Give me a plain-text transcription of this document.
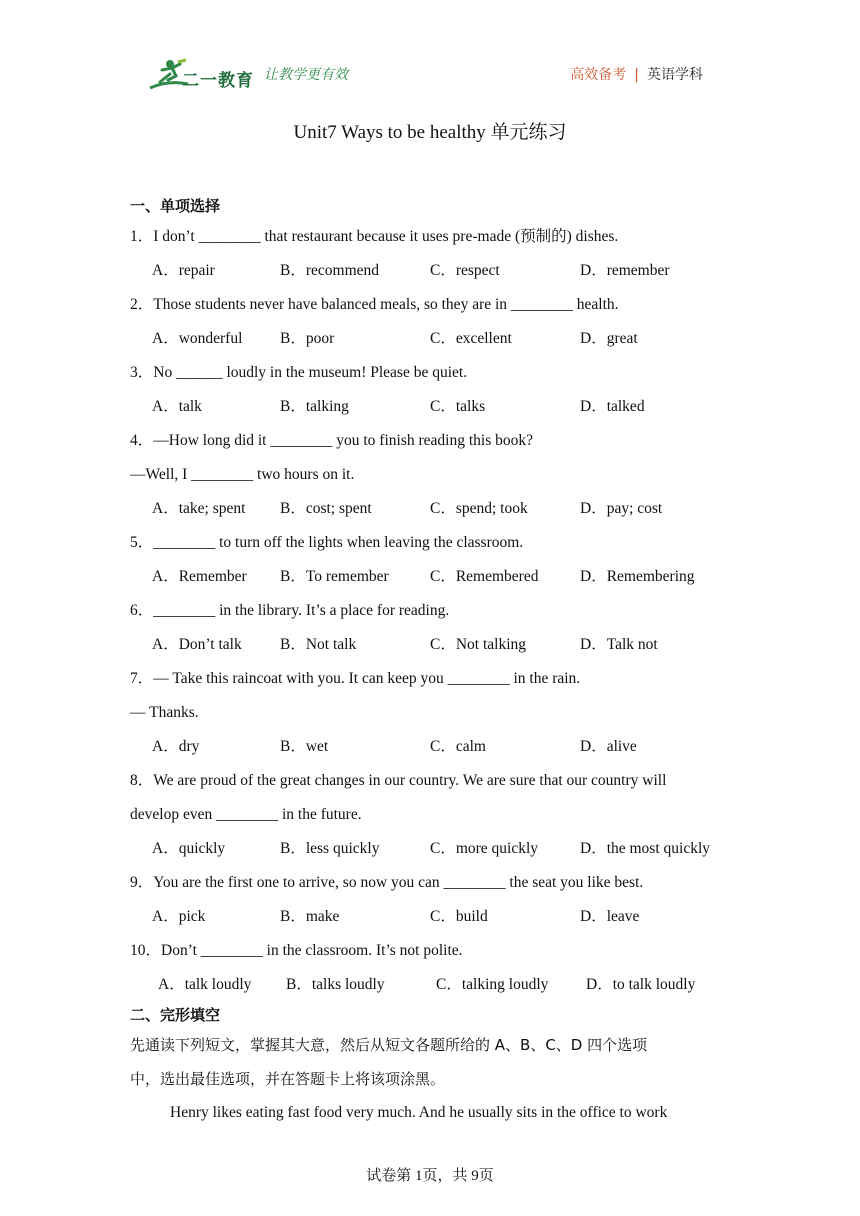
二一教育 让教学更有效	高效备考 | 英语学科
Unit7 Ways to be healthy 单元练习
一、单项选择
1．I don’t ________ that restaurant because it uses pre-made (预制的) dishes.
A．repair	B．recommend	C．respect	D．remember
2．Those students never have balanced meals, so they are in ________ health.
A．wonderful B．poor	C．excellent	D．great
3．No ______ loudly in the museum! Please be quiet.
A．talk	B．talking	C．talks	D．talked
4．—How long did it ________ you to finish reading this book?
—Well, I ________ two hours on it.
A．take; spent B．cost; spent	C．spend; took	D．pay; cost
5．________ to turn off the lights when leaving the classroom.
A．Remember B．To remember	C．Remembered	D．Remembering
6．________ in the library. It’s a place for reading.
A．Don’t talk B．Not talk	C．Not talking	D．Talk not
7．— Take this raincoat with you. It can keep you ________ in the rain.
— Thanks.
A．dry	B．wet	C．calm	D．alive
8．We are proud of the great changes in our country. We are sure that our country will
develop even ________ in the future.
A．quickly	B．less quickly	C．more quickly	D．the most quickly
9．You are the first one to arrive, so now you can ________ the seat you like best.
A．pick	B．make	C．build	D．leave
10．Don’t ________ in the classroom. It’s not polite.
A．talk loudly B．talks loudly	C．talking loudly D．to talk loudly
二、完形填空
先通读下列短文，掌握其大意，然后从短文各题所给的 A、B、C、D 四个选项
中，选出最佳选项，并在答题卡上将该项涂黑。
Henry likes eating fast food very much. And he usually sits in the office to work
试卷第 1页，共 9页
